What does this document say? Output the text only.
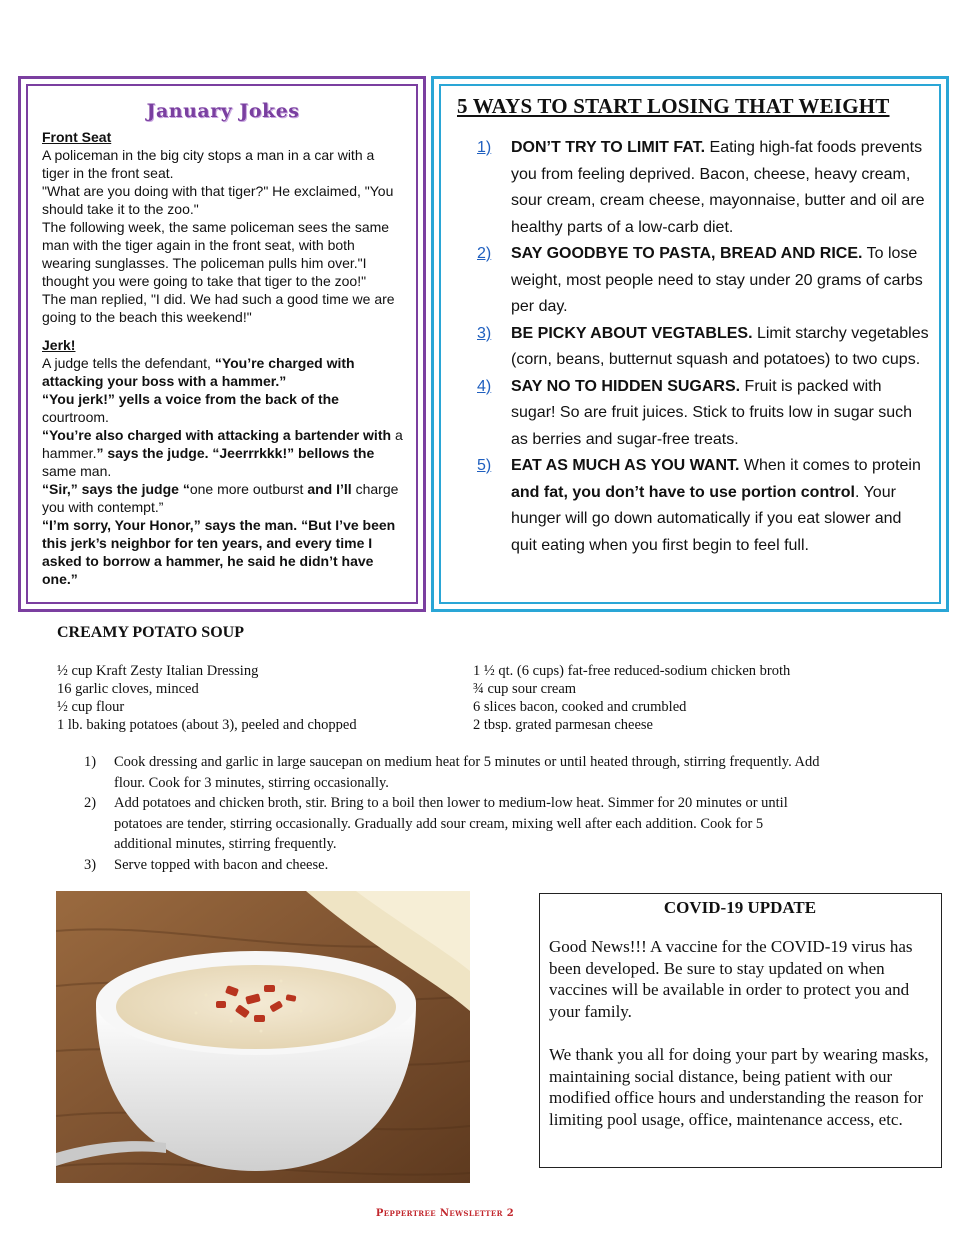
January Jokes
Front Seat

A policeman in the big city stops a man in a car with a tiger in the front seat.

"What are you doing with that tiger?" He exclaimed, "You should take it to the zoo."

The following week, the same policeman sees the same man with the tiger again in the front seat, with both wearing sunglasses. The policeman pulls him over."I thought you were going to take that tiger to the zoo!"

The man replied, "I did. We had such a good time we are going to the beach this weekend!"

Jerk!

A judge tells the defendant, “You’re charged with attacking your boss with a hammer.”

“You jerk!” yells a voice from the back of the courtroom.

“You’re also charged with attacking a bartender with a hammer.” says the judge. “Jeerrrkkk!” bellows the same man.

“Sir,” says the judge “one more outburst and I’ll charge you with contempt.”

“I’m sorry, Your Honor,” says the man. “But I’ve been this jerk’s neighbor for ten years, and every time I asked to borrow a hammer, he said he didn’t have one.”

5 WAYS TO START LOSING THAT WEIGHT
1)	DON’T TRY TO LIMIT FAT. Eating high-fat foods prevents you from feeling deprived. Bacon, cheese, heavy cream, sour cream, cream cheese, mayonnaise, butter and oil are healthy parts of a low-carb diet.
2)	SAY GOODBYE TO PASTA, BREAD AND RICE. To lose weight, most people need to stay under 20 grams of carbs per day.
3)	BE PICKY ABOUT VEGTABLES. Limit starchy vegetables (corn, beans, butternut squash and potatoes) to two cups.
4)	SAY NO TO HIDDEN SUGARS. Fruit is packed with sugar! So are fruit juices. Stick to fruits low in sugar such as berries and sugar-free treats.
5)	EAT AS MUCH AS YOU WANT. When it comes to protein and fat, you don’t have to use portion control. Your hunger will go down automatically if you eat slower and quit eating when you first begin to feel full.
CREAMY POTATO SOUP
½ cup Kraft Zesty Italian Dressing
16 garlic cloves, minced
½ cup flour
1 lb. baking potatoes (about 3), peeled and chopped
1 ½ qt. (6 cups) fat-free reduced-sodium chicken broth
¾ cup sour cream
6 slices bacon, cooked and crumbled
2 tbsp. grated parmesan cheese
1)	Cook dressing and garlic in large saucepan on medium heat for 5 minutes or until heated through, stirring frequently. Add flour. Cook for 3 minutes, stirring occasionally.
2)	Add potatoes and chicken broth, stir. Bring to a boil then lower to medium-low heat. Simmer for 20 minutes or until potatoes are tender, stirring occasionally. Gradually add sour cream, mixing well after each addition. Cook for 5 additional minutes, stirring frequently.
3)	Serve topped with bacon and cheese.
COVID-19 UPDATE

Good News!!! A vaccine for the COVID-19 virus has been developed. Be sure to stay updated on when vaccines will be available in order to protect you and your family.

We thank you all for doing your part by wearing masks, maintaining social distance, being patient with our modified office hours and understanding the reason for limiting pool usage, office, maintenance access, etc.

Peppertree Newsletter 2
